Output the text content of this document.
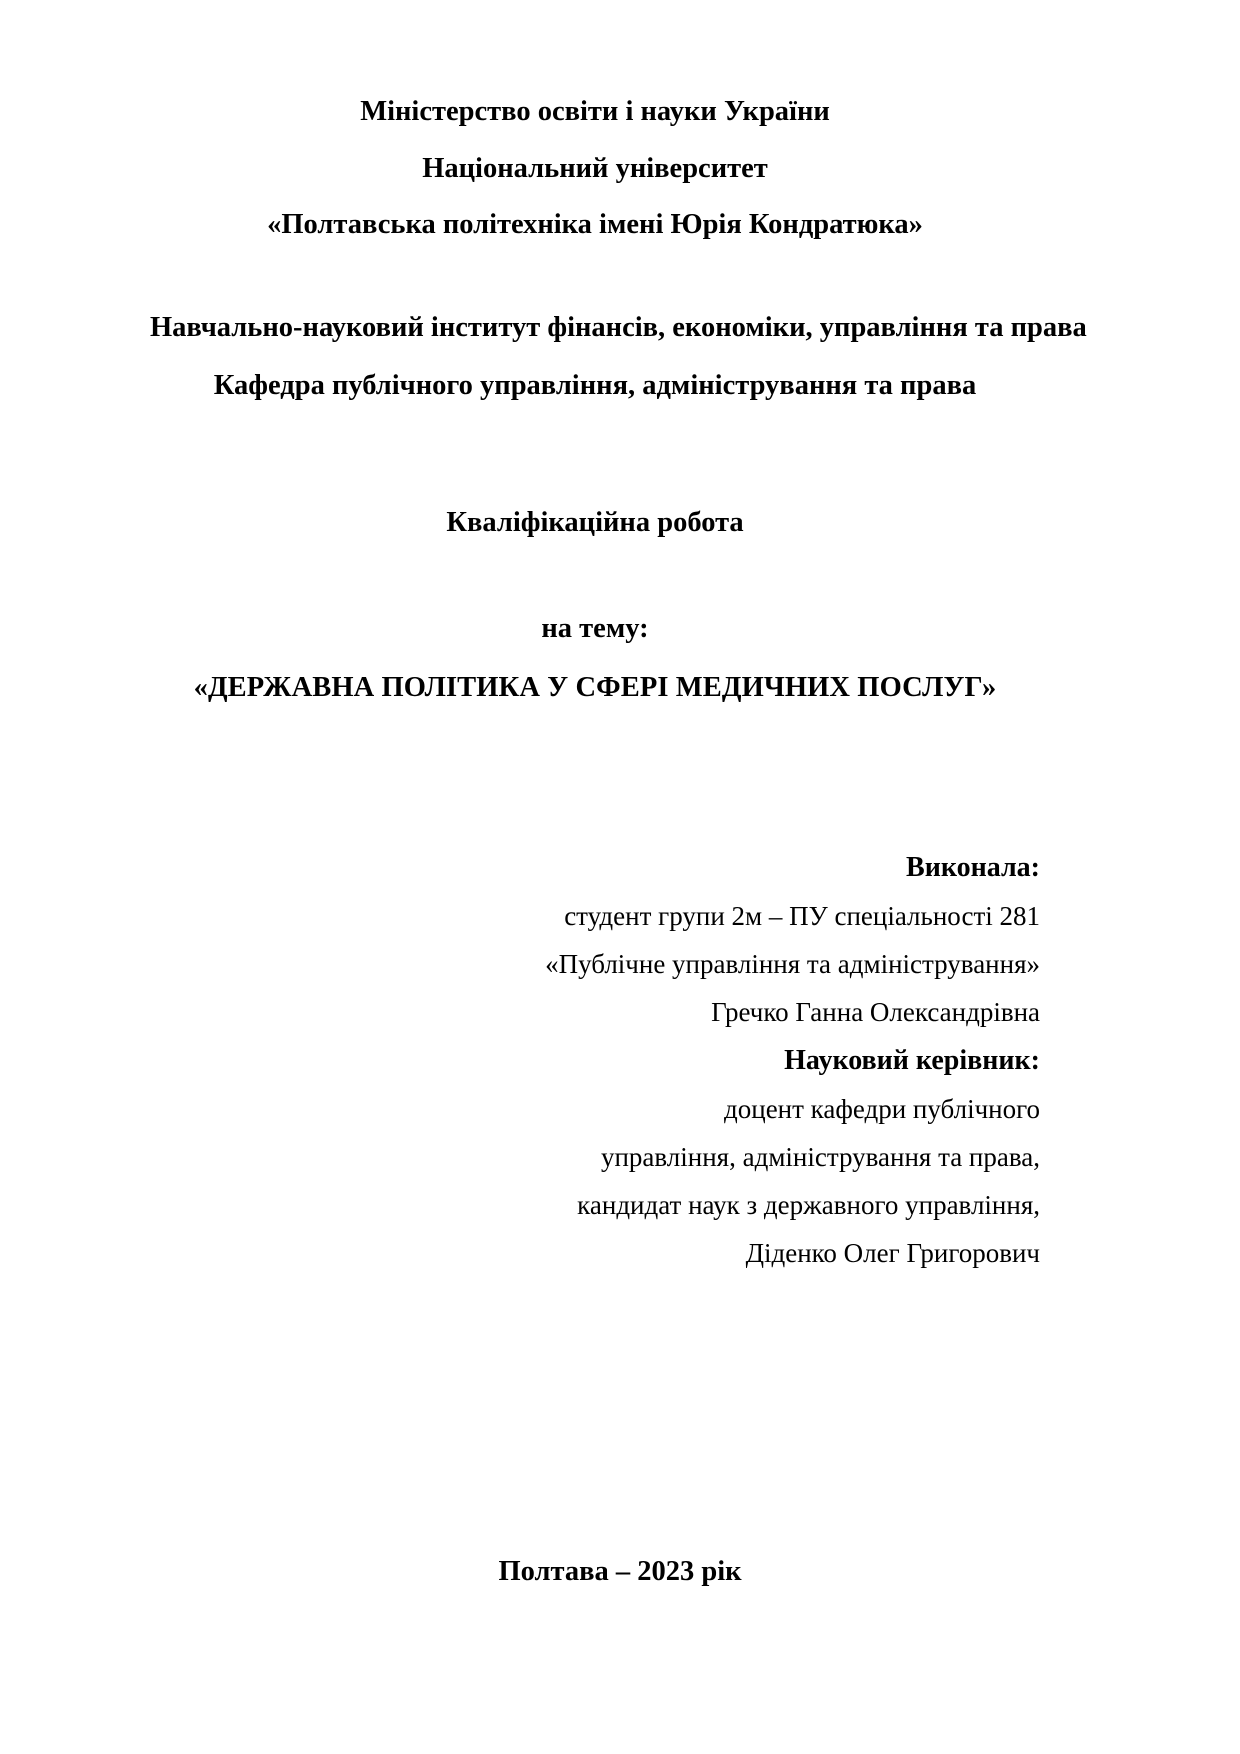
Міністерство освіти і науки України
Національний університет
«Полтавська політехніка імені Юрія Кондратюка»
Навчально-науковий інститут фінансів, економіки, управління та права
Кафедра публічного управління, адміністрування та права
Кваліфікаційна робота
на тему:
«ДЕРЖАВНА ПОЛІТИКА У СФЕРІ МЕДИЧНИХ ПОСЛУГ»
Виконала:
студент групи 2м – ПУ спеціальності 281
«Публічне управління та адміністрування»
Гречко Ганна Олександрівна
Науковий керівник:
доцент кафедри публічного
управління, адміністрування та права,
кандидат наук з державного управління,
Діденко Олег Григорович
Полтава – 2023 рік
